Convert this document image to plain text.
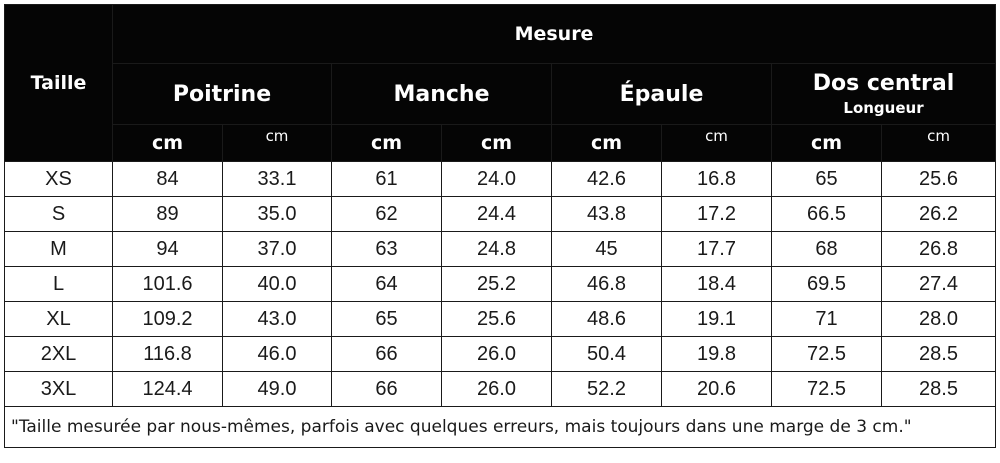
Taille	Mesure							
	Poitrine		Manche		Épaule		Dos central
Longueur	

	cm	cm	cm	cm	cm	cm	cm	cm
XS	84	33.1	61	24.0	42.6	16.8	65	25.6
S	89	35.0	62	24.4	43.8	17.2	66.5	26.2
M	94	37.0	63	24.8	45	17.7	68	26.8
L	101.6	40.0	64	25.2	46.8	18.4	69.5	27.4
XL	109.2	43.0	65	25.6	48.6	19.1	71	28.0
2XL	116.8	46.0	66	26.0	50.4	19.8	72.5	28.5
3XL	124.4	49.0	66	26.0	52.2	20.6	72.5	28.5
"Taille mesurée par nous-mêmes, parfois avec quelques erreurs, mais toujours dans une marge de 3 cm."								
